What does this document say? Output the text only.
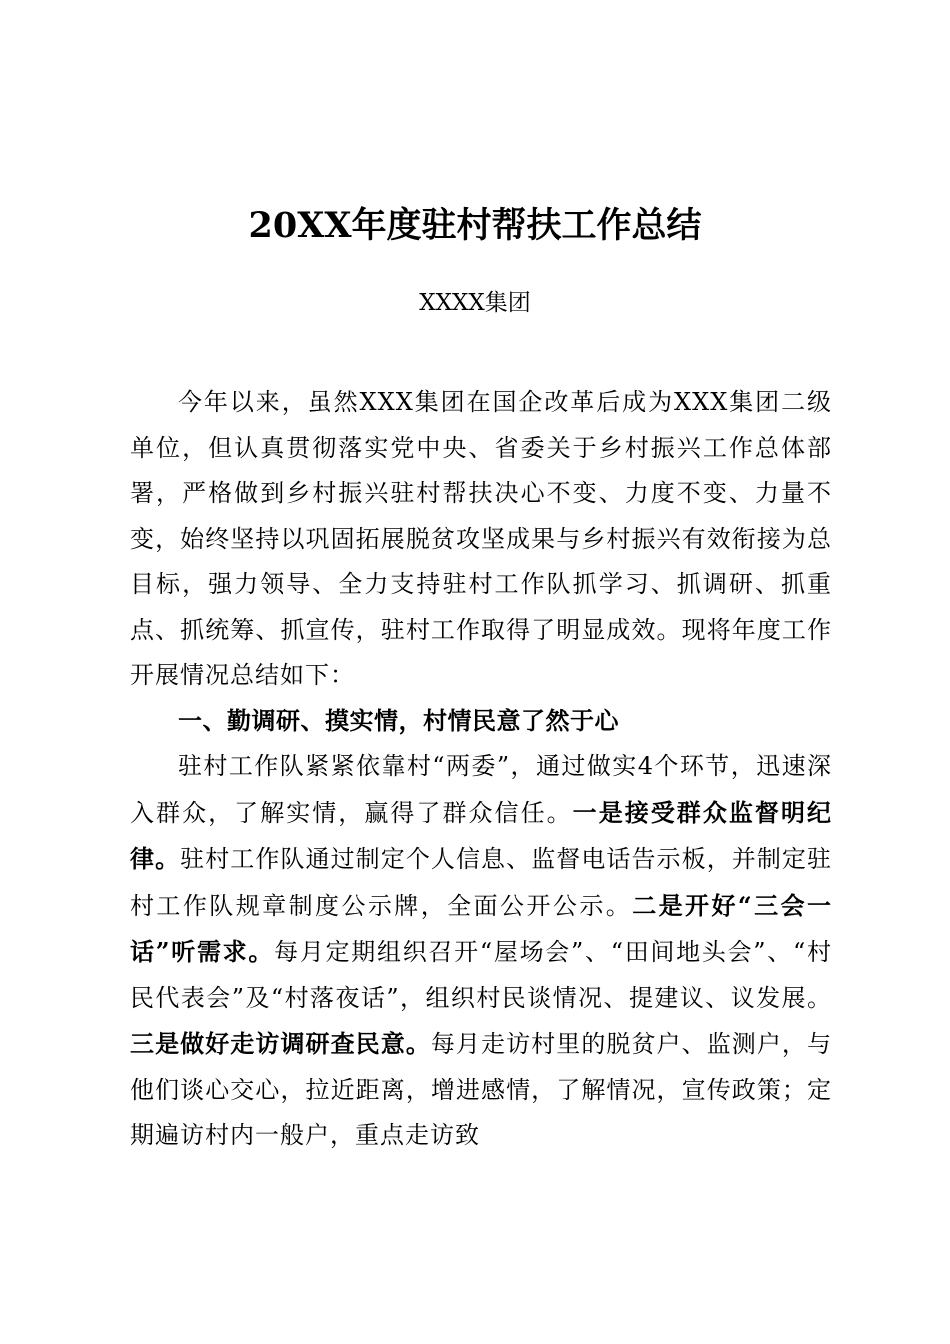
20XX年度驻村帮扶工作总结
XXXX集团

今年以来，虽然XXX集团在国企改革后成为XXX集团二级单位，但认真贯彻落实党中央、省委关于乡村振兴工作总体部署，严格做到乡村振兴驻村帮扶决心不变、力度不变、力量不变，始终坚持以巩固拓展脱贫攻坚成果与乡村振兴有效衔接为总目标，强力领导、全力支持驻村工作队抓学习、抓调研、抓重点、抓统筹、抓宣传，驻村工作取得了明显成效。现将年度工作开展情况总结如下：

一、勤调研、摸实情，村情民意了然于心

驻村工作队紧紧依靠村“两委”，通过做实4个环节，迅速深入群众，了解实情，赢得了群众信任。一是接受群众监督明纪律。驻村工作队通过制定个人信息、监督电话告示板，并制定驻村工作队规章制度公示牌，全面公开公示。二是开好“三会一话”听需求。每月定期组织召开“屋场会”、“田间地头会”、“村民代表会”及“村落夜话”，组织村民谈情况、提建议、议发展。三是做好走访调研查民意。每月走访村里的脱贫户、监测户，与他们谈心交心，拉近距离，增进感情，了解情况，宣传政策；定期遍访村内一般户，重点走访致
